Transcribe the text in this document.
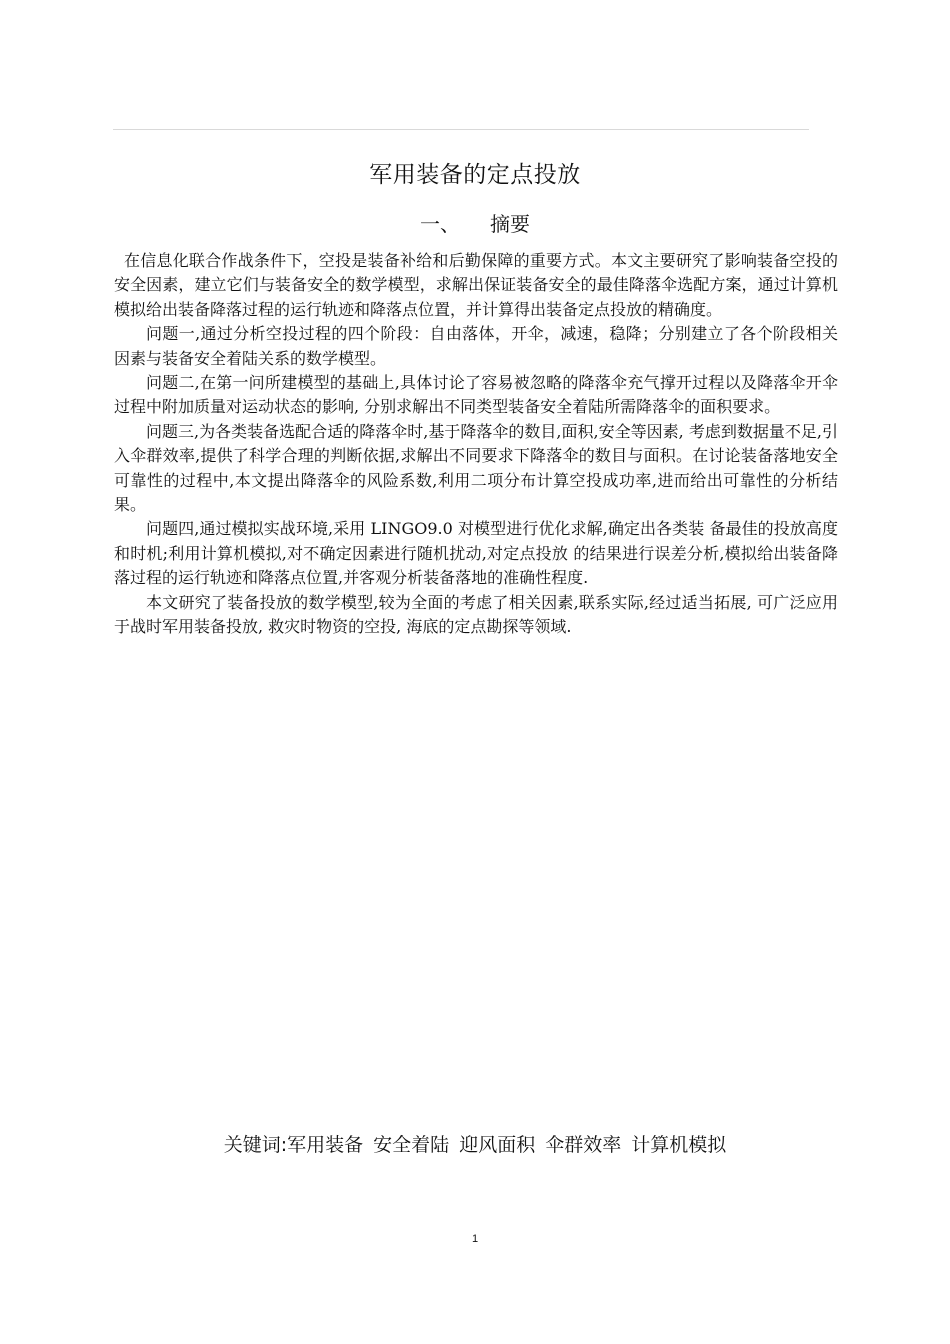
军用装备的定点投放
一、 摘要

在信息化联合作战条件下，空投是装备补给和后勤保障的重要方式。本文主要研究了影响装备空投的安全因素，建立它们与装备安全的数学模型，求解出保证装备安全的最佳降落伞选配方案，通过计算机模拟给出装备降落过程的运行轨迹和降落点位置，并计算得出装备定点投放的精确度。

问题一,通过分析空投过程的四个阶段：自由落体，开伞，减速，稳降；分别建立了各个阶段相关因素与装备安全着陆关系的数学模型。

问题二,在第一问所建模型的基础上,具体讨论了容易被忽略的降落伞充气撑开过程以及降落伞开伞过程中附加质量对运动状态的影响, 分别求解出不同类型装备安全着陆所需降落伞的面积要求。

问题三,为各类装备选配合适的降落伞时,基于降落伞的数目,面积,安全等因素, 考虑到数据量不足,引入伞群效率,提供了科学合理的判断依据,求解出不同要求下降落伞的数目与面积。在讨论装备落地安全可靠性的过程中,本文提出降落伞的风险系数,利用二项分布计算空投成功率,进而给出可靠性的分析结果。

问题四,通过模拟实战环境,采用 LINGO9.0 对模型进行优化求解,确定出各类装 备最佳的投放高度和时机;利用计算机模拟,对不确定因素进行随机扰动,对定点投放 的结果进行误差分析,模拟给出装备降落过程的运行轨迹和降落点位置,并客观分析装备落地的准确性程度.

本文研究了装备投放的数学模型,较为全面的考虑了相关因素,联系实际,经过适当拓展, 可广泛应用于战时军用装备投放, 救灾时物资的空投, 海底的定点勘探等领域.

关键词:军用装备 安全着陆 迎风面积 伞群效率 计算机模拟
1
